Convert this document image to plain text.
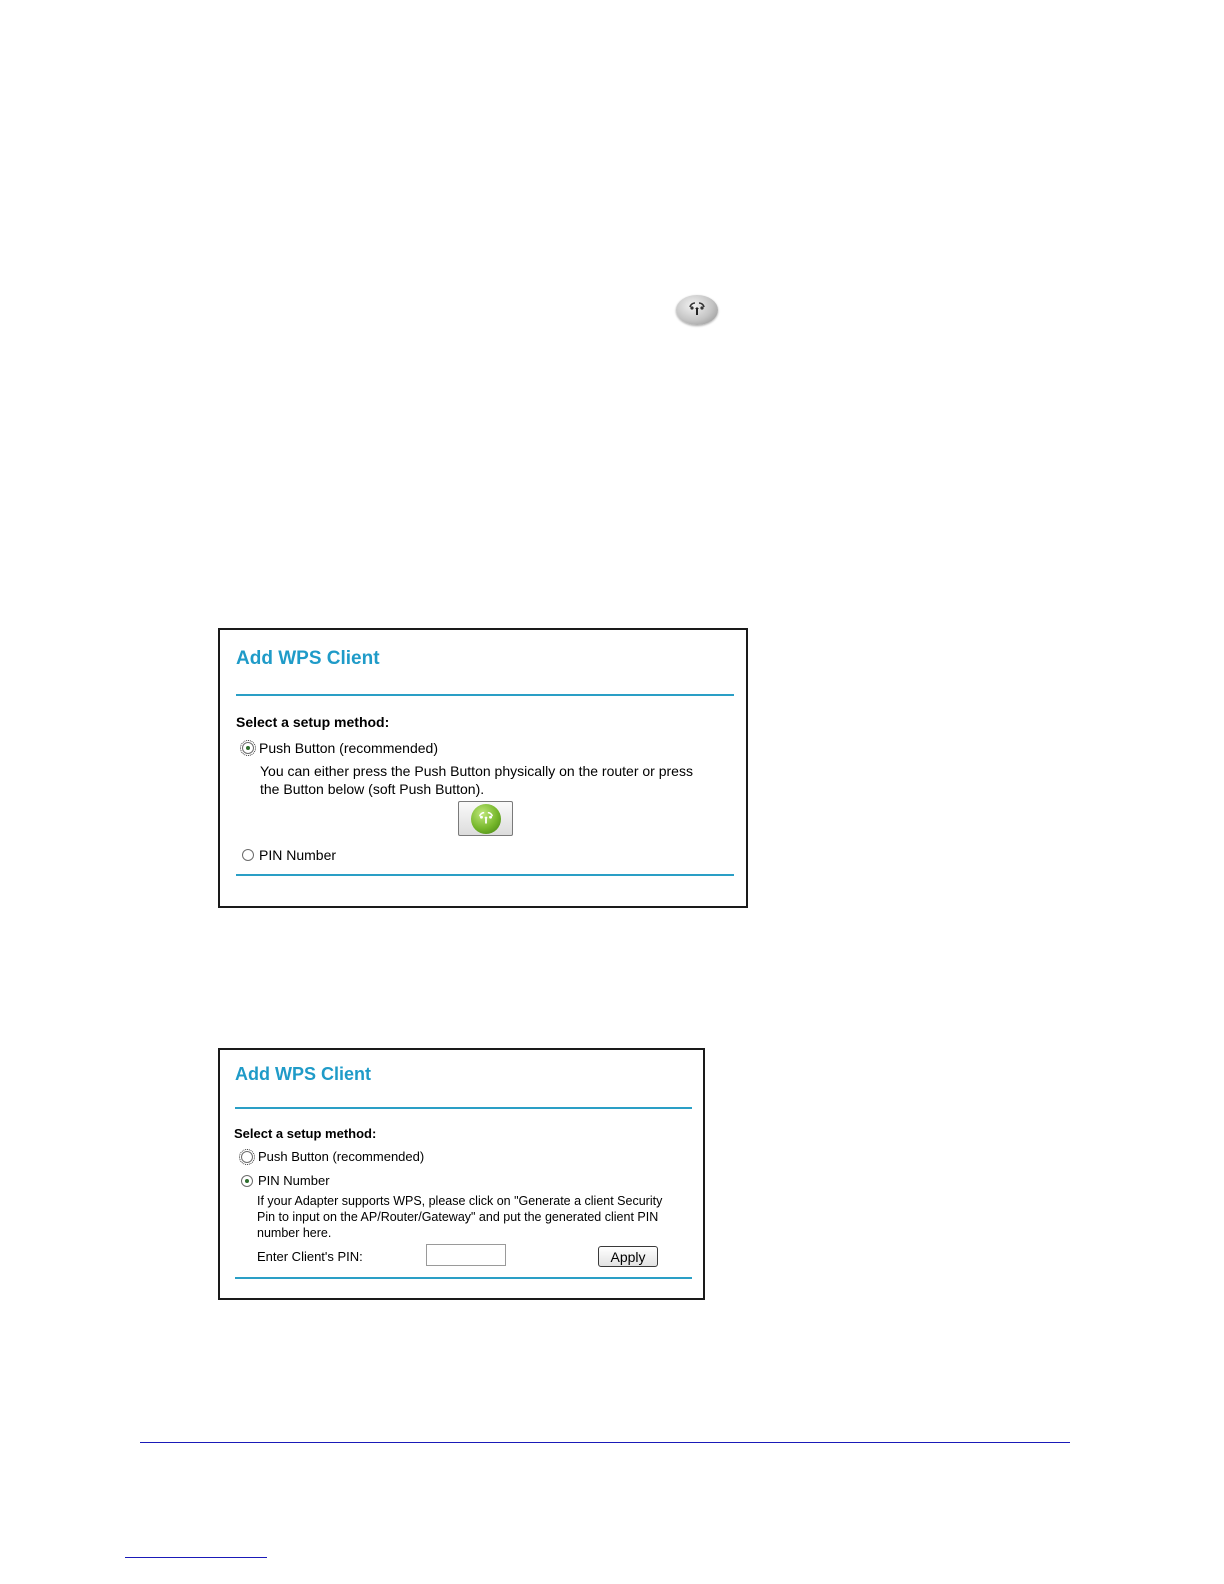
Add WPS Client
Select a setup method:
Push Button (recommended)

You can either press the Push Button physically on the router or press
the Button below (soft Push Button).

PIN Number
Add WPS Client
Select a setup method:
Push Button (recommended)
PIN Number

If your Adapter supports WPS, please click on "Generate a client Security
Pin to input on the AP/Router/Gateway" and put the generated client PIN
number here.

Enter Client's PIN:	Apply
